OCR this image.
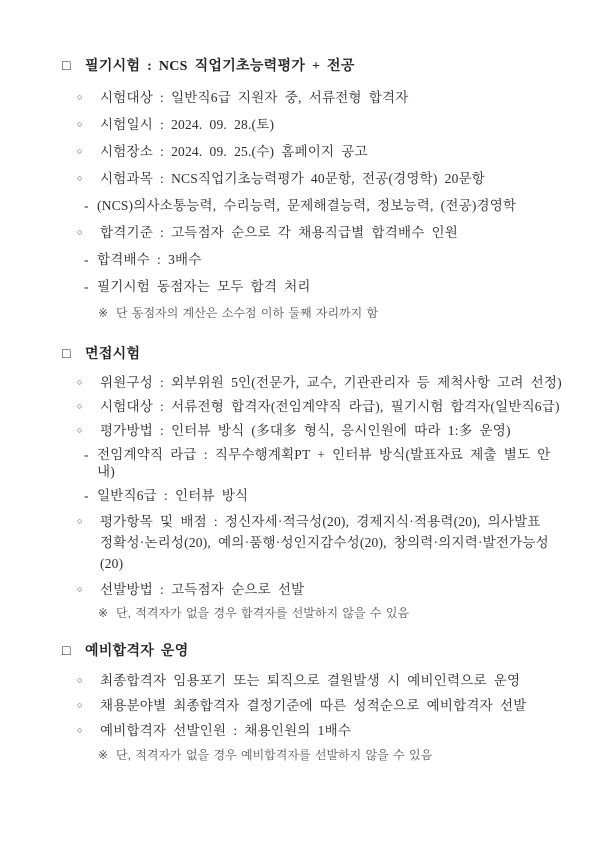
□	필기시험 : NCS 직업기초능력평가 + 전공
○	시험대상 : 일반직6급 지원자 중, 서류전형 합격자
○	시험일시 : 2024. 09. 28.(토)
○	시험장소 : 2024. 09. 25.(수) 홈페이지 공고
○	시험과목 : NCS직업기초능력평가 40문항, 전공(경영학) 20문항
- (NCS)의사소통능력, 수리능력, 문제해결능력, 정보능력, (전공)경영학
○	합격기준 : 고득점자 순으로 각 채용직급별 합격배수 인원
- 합격배수 : 3배수
- 필기시험 동점자는 모두 합격 처리
※ 단 동점자의 계산은 소수점 이하 둘째 자리까지 함
□	면접시험
○	위원구성 : 외부위원 5인(전문가, 교수, 기관관리자 등 제척사항 고려 선정)
○	시험대상 : 서류전형 합격자(전임계약직 라급), 필기시험 합격자(일반직6급)
○	평가방법 : 인터뷰 방식 (多대多 형식, 응시인원에 따라 1:多 운영)
- 전임계약직 라급 : 직무수행계획PT + 인터뷰 방식(발표자료 제출 별도 안내)
- 일반직6급 : 인터뷰 방식
○	평가항목 및 배점 : 정신자세·적극성(20), 경제지식·적용력(20), 의사발표
정확성·논리성(20), 예의·품행·성인지감수성(20), 창의력·의지력·발전가능성(20)
○	선발방법 : 고득점자 순으로 선발
※ 단, 적격자가 없을 경우 합격자를 선발하지 않을 수 있음
□	예비합격자 운영
○	최종합격자 임용포기 또는 퇴직으로 결원발생 시 예비인력으로 운영
○	채용분야별 최종합격자 결정기준에 따른 성적순으로 예비합격자 선발
○	예비합격자 선발인원 : 채용인원의 1배수
※ 단, 적격자가 없을 경우 예비합격자를 선발하지 않을 수 있음
